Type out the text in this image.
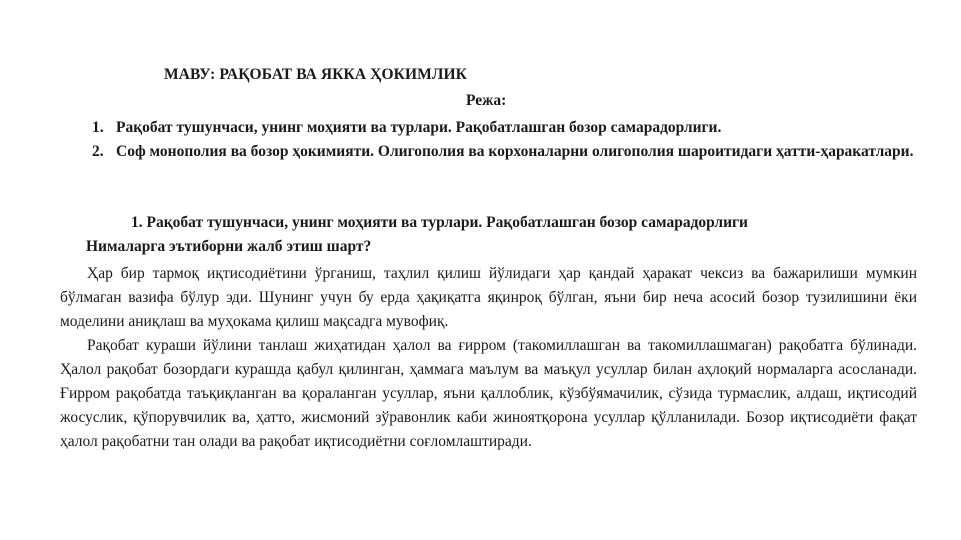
МАВУ: РАҚОБАТ ВА ЯККА ҲОКИМЛИК
Режа:
1. Рақобат тушунчаси, унинг моҳияти ва турлари. Рақобатлашган бозор самарадорлиги.
2. Соф монополия ва бозор ҳокимияти. Олигополия ва корхоналарни олигополия шароитидаги ҳатти-ҳаракатлари.
1. Рақобат тушунчаси, унинг моҳияти ва турлари. Рақобатлашган бозор самарадорлиги
Нималарга эътиборни жалб этиш шарт?

Ҳар бир тармоқ иқтисодиётини ўрганиш, таҳлил қилиш йўлидаги ҳар қандай ҳаракат чексиз ва бажарилиши мумкин бўлмаган вазифа бўлур эди. Шунинг учун бу ерда ҳақиқатга яқинроқ бўлган, яъни бир неча асосий бозор тузилишини ёки моделини аниқлаш ва муҳокама қилиш мақсадга мувофиқ.

Рақобат кураши йўлини танлаш жиҳатидан ҳалол ва ғирром (такомиллашган ва такомиллашмаган) рақобатга бўлинади. Ҳалол рақобат бозордаги курашда қабул қилинган, ҳаммага маълум ва маъқул усуллар билан аҳлоқий нормаларга асосланади. Ғирром рақобатда таъқиқланган ва қораланган усуллар, яъни қаллоблик, кўзбўямачилик, сўзида турмаслик, алдаш, иқтисодий жосуслик, қўпорувчилик ва, ҳатто, жисмоний зўравонлик каби жиноятқорона усуллар қўлланилади. Бозор иқтисодиёти фақат ҳалол рақобатни тан олади ва рақобат иқтисодиётни соғломлаштиради.
